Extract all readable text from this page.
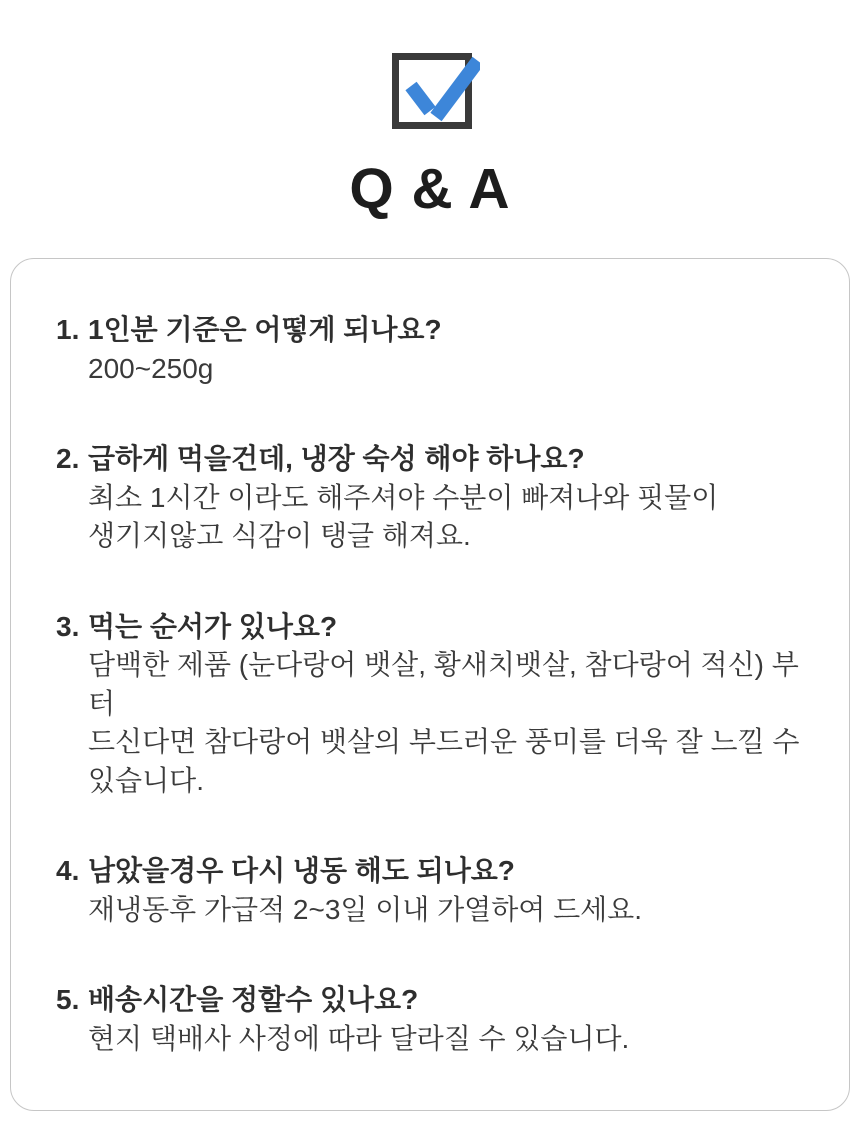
Q & A
1. 1인분 기준은 어떻게 되나요?
200~250g
2. 급하게 먹을건데, 냉장 숙성 해야 하나요?
최소 1시간 이라도 해주셔야 수분이 빠져나와 핏물이
생기지않고 식감이 탱글 해져요.
3. 먹는 순서가 있나요?
담백한 제품 (눈다랑어 뱃살, 황새치뱃살, 참다랑어 적신) 부터
드신다면 참다랑어 뱃살의 부드러운 풍미를 더욱 잘 느낄 수
있습니다.
4. 남았을경우 다시 냉동 해도 되나요?
재냉동후 가급적 2~3일 이내 가열하여 드세요.
5. 배송시간을 정할수 있나요?
현지 택배사 사정에 따라 달라질 수 있습니다.
